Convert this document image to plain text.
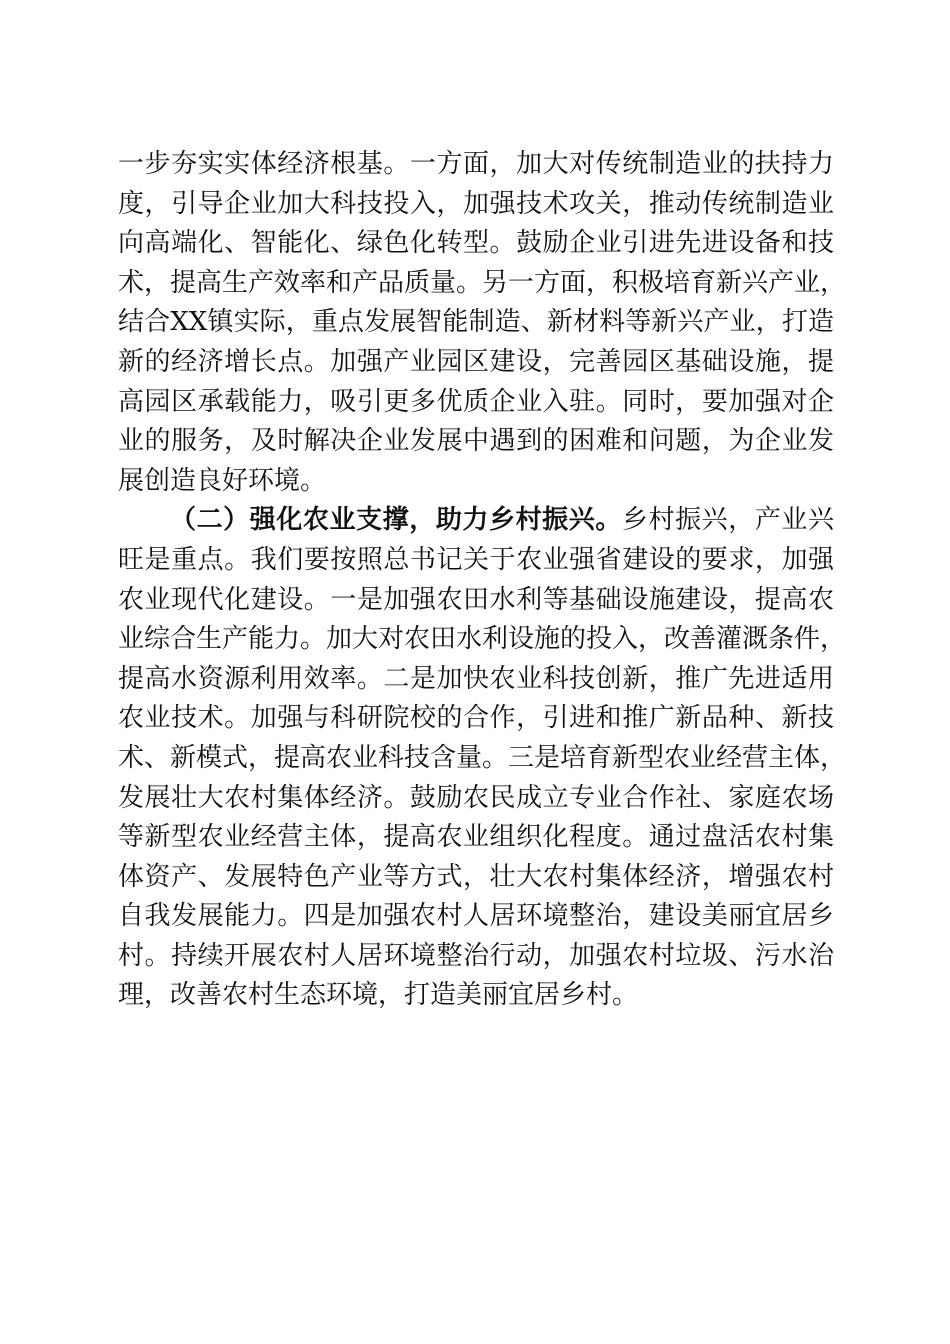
一步夯实实体经济根基。一方面，加大对传统制造业的扶持力
度，引导企业加大科技投入，加强技术攻关，推动传统制造业
向高端化、智能化、绿色化转型。鼓励企业引进先进设备和技
术，提高生产效率和产品质量。另一方面，积极培育新兴产业，
结合XX镇实际，重点发展智能制造、新材料等新兴产业，打造
新的经济增长点。加强产业园区建设，完善园区基础设施，提
高园区承载能力，吸引更多优质企业入驻。同时，要加强对企
业的服务，及时解决企业发展中遇到的困难和问题，为企业发
展创造良好环境。
（二）强化农业支撑，助力乡村振兴。乡村振兴，产业兴
旺是重点。我们要按照总书记关于农业强省建设的要求，加强
农业现代化建设。一是加强农田水利等基础设施建设，提高农
业综合生产能力。加大对农田水利设施的投入，改善灌溉条件，
提高水资源利用效率。二是加快农业科技创新，推广先进适用
农业技术。加强与科研院校的合作，引进和推广新品种、新技
术、新模式，提高农业科技含量。三是培育新型农业经营主体，
发展壮大农村集体经济。鼓励农民成立专业合作社、家庭农场
等新型农业经营主体，提高农业组织化程度。通过盘活农村集
体资产、发展特色产业等方式，壮大农村集体经济，增强农村
自我发展能力。四是加强农村人居环境整治，建设美丽宜居乡
村。持续开展农村人居环境整治行动，加强农村垃圾、污水治
理，改善农村生态环境，打造美丽宜居乡村。
